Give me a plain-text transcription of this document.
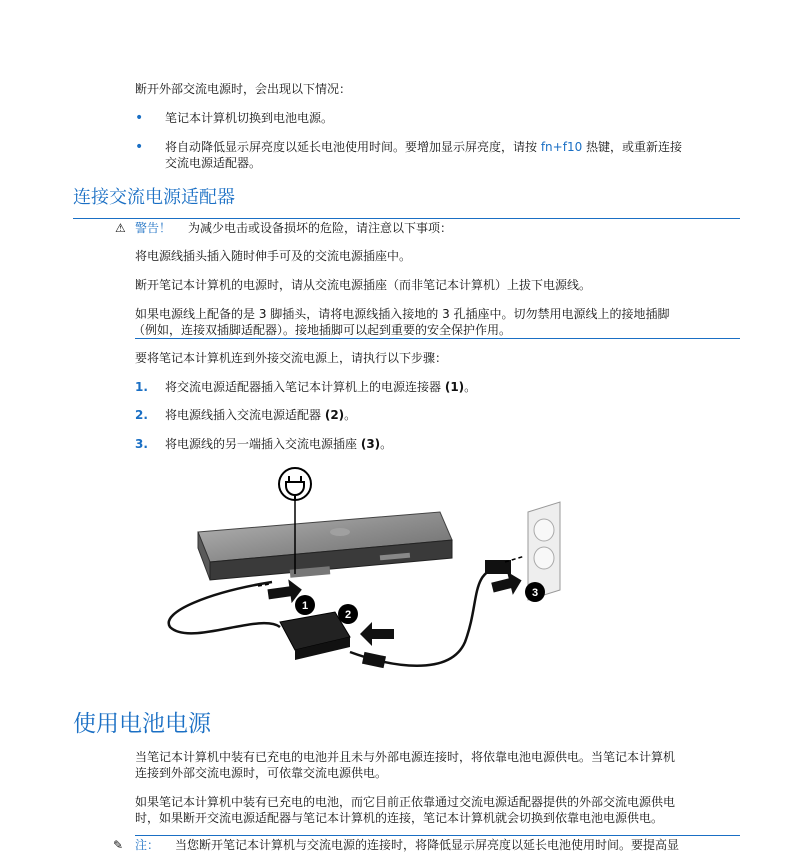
断开外部交流电源时，会出现以下情况：
• 笔记本计算机切换到电池电源。
• 将自动降低显示屏亮度以延长电池使用时间。要增加显示屏亮度，请按 fn+f10 热键，或重新连接
交流电源适配器。
连接交流电源适配器
⚠ 警告！ 为减少电击或设备损坏的危险，请注意以下事项：
将电源线插头插入随时伸手可及的交流电源插座中。
断开笔记本计算机的电源时，请从交流电源插座（而非笔记本计算机）上拔下电源线。
如果电源线上配备的是 3 脚插头，请将电源线插入接地的 3 孔插座中。切勿禁用电源线上的接地插脚
（例如，连接双插脚适配器）。接地插脚可以起到重要的安全保护作用。
要将笔记本计算机连到外接交流电源上，请执行以下步骤：
1. 将交流电源适配器插入笔记本计算机上的电源连接器 (1)。
2. 将电源线插入交流电源适配器 (2)。
3. 将电源线的另一端插入交流电源插座 (3)。
1
2
3
使用电池电源
当笔记本计算机中装有已充电的电池并且未与外部电源连接时，将依靠电池电源供电。当笔记本计算机
连接到外部交流电源时，可依靠交流电源供电。
如果笔记本计算机中装有已充电的电池，而它目前正依靠通过交流电源适配器提供的外部交流电源供电
时，如果断开交流电源适配器与笔记本计算机的连接，笔记本计算机就会切换到依靠电池电源供电。
✎ 注： 当您断开笔记本计算机与交流电源的连接时，将降低显示屏亮度以延长电池使用时间。要提高显
